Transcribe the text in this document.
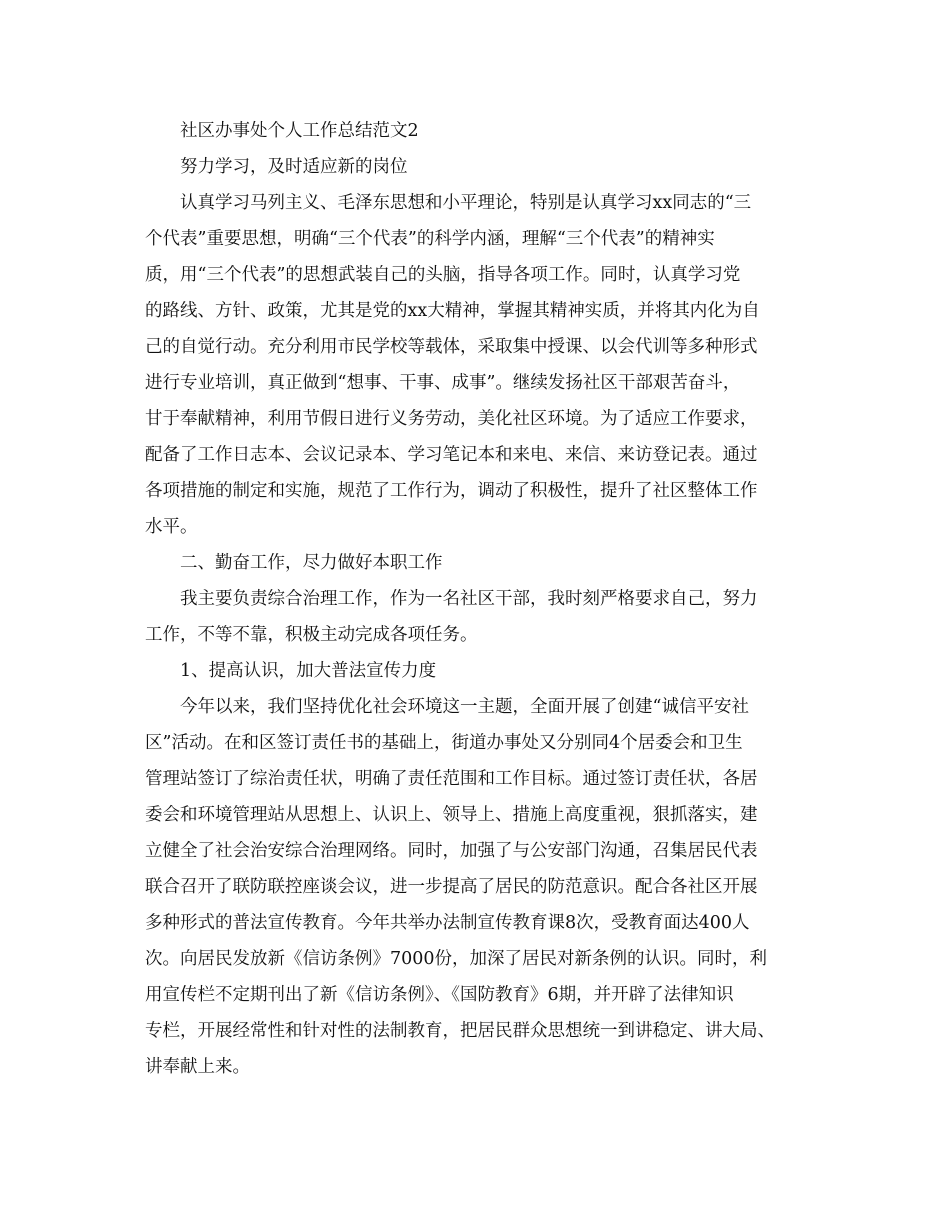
社区办事处个人工作总结范文2

努力学习，及时适应新的岗位

认真学习马列主义、毛泽东思想和小平理论，特别是认真学习xx同志的“三

个代表”重要思想，明确“三个代表”的科学内涵，理解“三个代表”的精神实

质，用“三个代表”的思想武装自己的头脑，指导各项工作。同时，认真学习党

的路线、方针、政策，尤其是党的xx大精神，掌握其精神实质，并将其内化为自

己的自觉行动。充分利用市民学校等载体，采取集中授课、以会代训等多种形式

进行专业培训，真正做到“想事、干事、成事”。继续发扬社区干部艰苦奋斗，

甘于奉献精神，利用节假日进行义务劳动，美化社区环境。为了适应工作要求，

配备了工作日志本、会议记录本、学习笔记本和来电、来信、来访登记表。通过

各项措施的制定和实施，规范了工作行为，调动了积极性，提升了社区整体工作

水平。

二、勤奋工作，尽力做好本职工作

我主要负责综合治理工作，作为一名社区干部，我时刻严格要求自己，努力

工作，不等不靠，积极主动完成各项任务。

1、提高认识，加大普法宣传力度

今年以来，我们坚持优化社会环境这一主题，全面开展了创建“诚信平安社

区”活动。在和区签订责任书的基础上，街道办事处又分别同4个居委会和卫生

管理站签订了综治责任状，明确了责任范围和工作目标。通过签订责任状，各居

委会和环境管理站从思想上、认识上、领导上、措施上高度重视，狠抓落实，建

立健全了社会治安综合治理网络。同时，加强了与公安部门沟通，召集居民代表

联合召开了联防联控座谈会议，进一步提高了居民的防范意识。配合各社区开展

多种形式的普法宣传教育。今年共举办法制宣传教育课8次，受教育面达400人

次。向居民发放新《信访条例》7000份，加深了居民对新条例的认识。同时，利

用宣传栏不定期刊出了新《信访条例》、《国防教育》6期，并开辟了法律知识

专栏，开展经常性和针对性的法制教育，把居民群众思想统一到讲稳定、讲大局、

讲奉献上来。
